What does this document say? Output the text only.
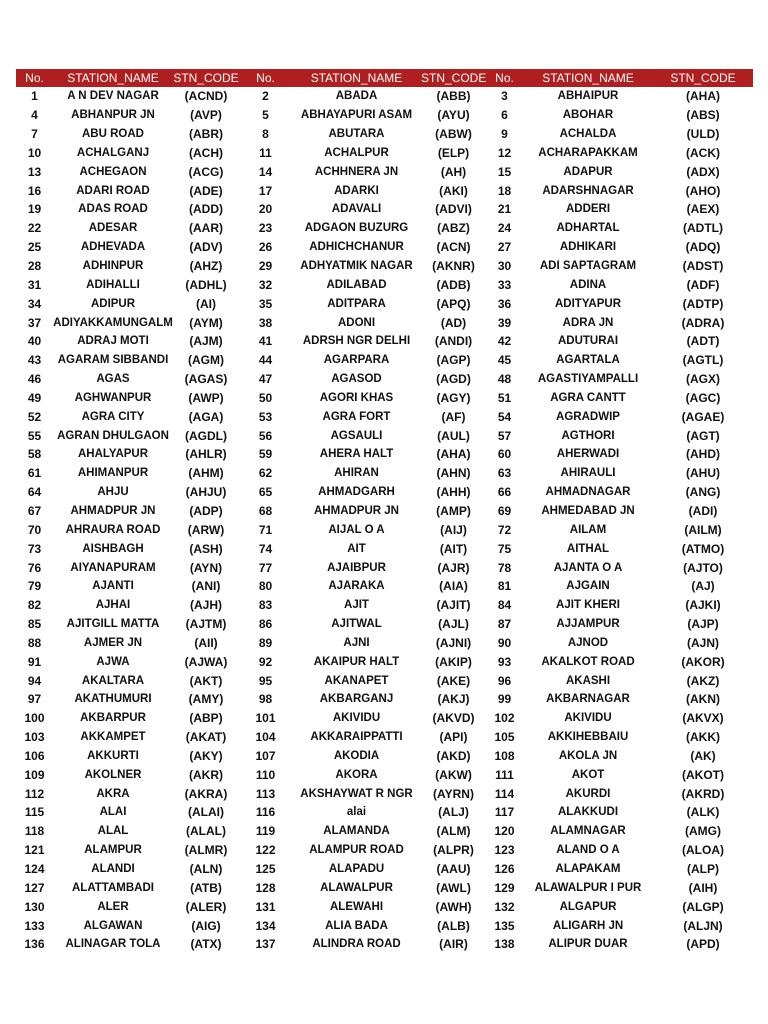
No.	STATION_NAME	STN_CODE	No.	STATION_NAME	STN_CODE	No.	STATION_NAME	STN_CODE
1	A N DEV NAGAR	(ACND)	2	ABADA	(ABB)	3	ABHAIPUR	(AHA)
4	ABHANPUR JN	(AVP)	5	ABHAYAPURI ASAM	(AYU)	6	ABOHAR	(ABS)
7	ABU ROAD	(ABR)	8	ABUTARA	(ABW)	9	ACHALDA	(ULD)
10	ACHALGANJ	(ACH)	11	ACHALPUR	(ELP)	12	ACHARAPAKKAM	(ACK)
13	ACHEGAON	(ACG)	14	ACHHNERA JN	(AH)	15	ADAPUR	(ADX)
16	ADARI ROAD	(ADE)	17	ADARKI	(AKI)	18	ADARSHNAGAR	(AHO)
19	ADAS ROAD	(ADD)	20	ADAVALI	(ADVI)	21	ADDERI	(AEX)
22	ADESAR	(AAR)	23	ADGAON BUZURG	(ABZ)	24	ADHARTAL	(ADTL)
25	ADHEVADA	(ADV)	26	ADHICHCHANUR	(ACN)	27	ADHIKARI	(ADQ)
28	ADHINPUR	(AHZ)	29	ADHYATMIK NAGAR	(AKNR)	30	ADI SAPTAGRAM	(ADST)
31	ADIHALLI	(ADHL)	32	ADILABAD	(ADB)	33	ADINA	(ADF)
34	ADIPUR	(AI)	35	ADITPARA	(APQ)	36	ADITYAPUR	(ADTP)
37	ADIYAKKAMUNGALM	(AYM)	38	ADONI	(AD)	39	ADRA JN	(ADRA)
40	ADRAJ MOTI	(AJM)	41	ADRSH NGR DELHI	(ANDI)	42	ADUTURAI	(ADT)
43	AGARAM SIBBANDI	(AGM)	44	AGARPARA	(AGP)	45	AGARTALA	(AGTL)
46	AGAS	(AGAS)	47	AGASOD	(AGD)	48	AGASTIYAMPALLI	(AGX)
49	AGHWANPUR	(AWP)	50	AGORI KHAS	(AGY)	51	AGRA CANTT	(AGC)
52	AGRA CITY	(AGA)	53	AGRA FORT	(AF)	54	AGRADWIP	(AGAE)
55	AGRAN DHULGAON	(AGDL)	56	AGSAULI	(AUL)	57	AGTHORI	(AGT)
58	AHALYAPUR	(AHLR)	59	AHERA HALT	(AHA)	60	AHERWADI	(AHD)
61	AHIMANPUR	(AHM)	62	AHIRAN	(AHN)	63	AHIRAULI	(AHU)
64	AHJU	(AHJU)	65	AHMADGARH	(AHH)	66	AHMADNAGAR	(ANG)
67	AHMADPUR JN	(ADP)	68	AHMADPUR JN	(AMP)	69	AHMEDABAD JN	(ADI)
70	AHRAURA ROAD	(ARW)	71	AIJAL O A	(AIJ)	72	AILAM	(AILM)
73	AISHBAGH	(ASH)	74	AIT	(AIT)	75	AITHAL	(ATMO)
76	AIYANAPURAM	(AYN)	77	AJAIBPUR	(AJR)	78	AJANTA O A	(AJTO)
79	AJANTI	(ANI)	80	AJARAKA	(AIA)	81	AJGAIN	(AJ)
82	AJHAI	(AJH)	83	AJIT	(AJIT)	84	AJIT KHERI	(AJKI)
85	AJITGILL MATTA	(AJTM)	86	AJITWAL	(AJL)	87	AJJAMPUR	(AJP)
88	AJMER JN	(AII)	89	AJNI	(AJNI)	90	AJNOD	(AJN)
91	AJWA	(AJWA)	92	AKAIPUR HALT	(AKIP)	93	AKALKOT ROAD	(AKOR)
94	AKALTARA	(AKT)	95	AKANAPET	(AKE)	96	AKASHI	(AKZ)
97	AKATHUMURI	(AMY)	98	AKBARGANJ	(AKJ)	99	AKBARNAGAR	(AKN)
100	AKBARPUR	(ABP)	101	AKIVIDU	(AKVD)	102	AKIVIDU	(AKVX)
103	AKKAMPET	(AKAT)	104	AKKARAIPPATTI	(API)	105	AKKIHEBBAIU	(AKK)
106	AKKURTI	(AKY)	107	AKODIA	(AKD)	108	AKOLA JN	(AK)
109	AKOLNER	(AKR)	110	AKORA	(AKW)	111	AKOT	(AKOT)
112	AKRA	(AKRA)	113	AKSHAYWAT R NGR	(AYRN)	114	AKURDI	(AKRD)
115	ALAI	(ALAI)	116	alai	(ALJ)	117	ALAKKUDI	(ALK)
118	ALAL	(ALAL)	119	ALAMANDA	(ALM)	120	ALAMNAGAR	(AMG)
121	ALAMPUR	(ALMR)	122	ALAMPUR ROAD	(ALPR)	123	ALAND O A	(ALOA)
124	ALANDI	(ALN)	125	ALAPADU	(AAU)	126	ALAPAKAM	(ALP)
127	ALATTAMBADI	(ATB)	128	ALAWALPUR	(AWL)	129	ALAWALPUR I PUR	(AIH)
130	ALER	(ALER)	131	ALEWAHI	(AWH)	132	ALGAPUR	(ALGP)
133	ALGAWAN	(AIG)	134	ALIA BADA	(ALB)	135	ALIGARH JN	(ALJN)
136	ALINAGAR TOLA	(ATX)	137	ALINDRA ROAD	(AIR)	138	ALIPUR DUAR	(APD)
